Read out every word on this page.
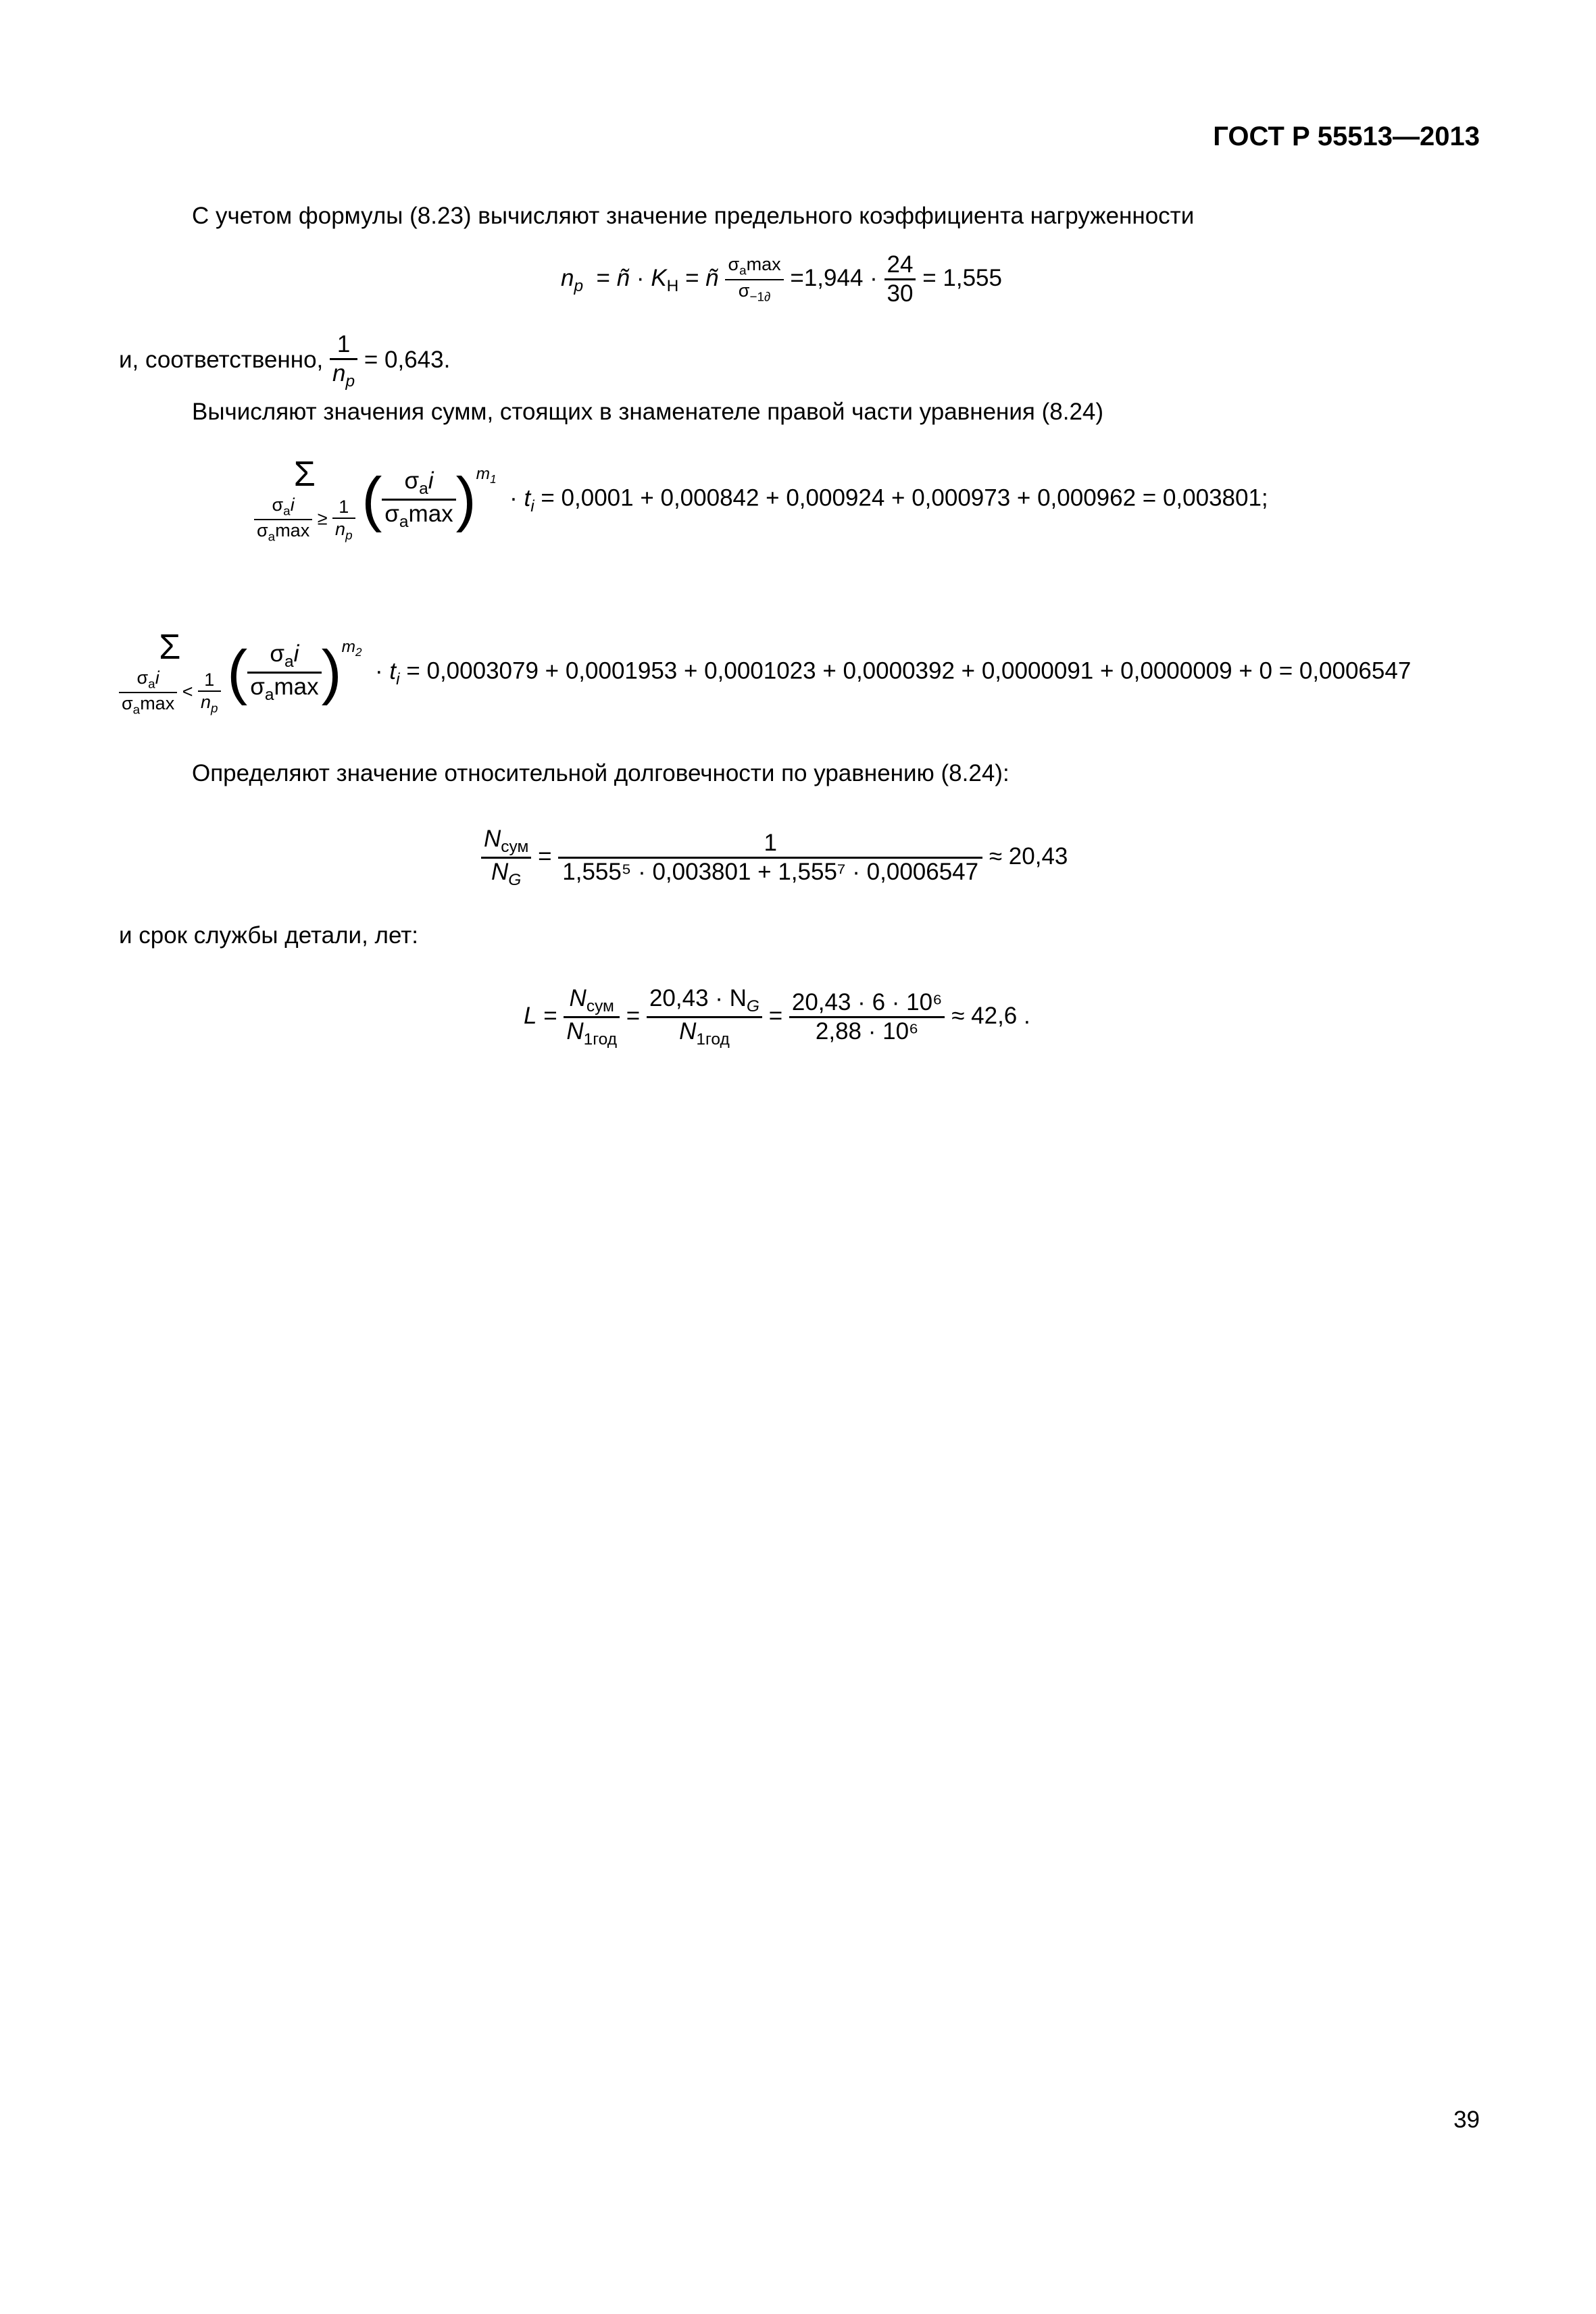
ГОСТ Р 55513—2013
С учетом формулы (8.23) вычисляют значение предельного коэффициента нагруженности
$n_p$  = ñ · $K_Н$ = ñ $\frac{\sigma_a\max}{\sigma_{-1\partial}} =1,944 \cdot \frac{24}{30} = 1,555$
и, соответственно, $\frac{1}{n_p} = 0,643$.
Вычисляют значения сумм, стоящих в знаменателе правой части уравнения (8.24)
Σ
$\frac{\sigma_ai}{\sigma_a\max} \ge \frac{1}{n_p}$ ( $\frac{\sigma_ai}{\sigma_a\max} )^{m_1} \cdot t_i = 0,0001 + 0,000842 + 0,000924 + 0,000973 + 0,000962 = 0,003801$;
Σ
$\frac{\sigma_ai}{\sigma_a\max} < \frac{1}{n_p}$ ( $\frac{\sigma_ai}{\sigma_a\max} )^{m_2} \cdot t_i = 0,0003079 + 0,0001953 + 0,0001023 + 0,0000392 + 0,0000091 + 0,0000009 + 0 = 0,0006547$
Определяют значение относительной долговечности по уравнению (8.24):
$\frac{N_{сум}}{N_G} = \frac{1}{\text{1,555⁵ · 0,003801 + 1,555⁷ · 0,0006547}} \approx 20,43$
и срок службы детали, лет:
$L = \frac{N_{сум}}{N_{1год}} = \frac{20,43 \cdot N_G}{N_{1год}} = \frac{\text{20,43 · 6 · 10⁶}}{\text{2,88 · 10⁶}} \approx 42,6$ .
39
